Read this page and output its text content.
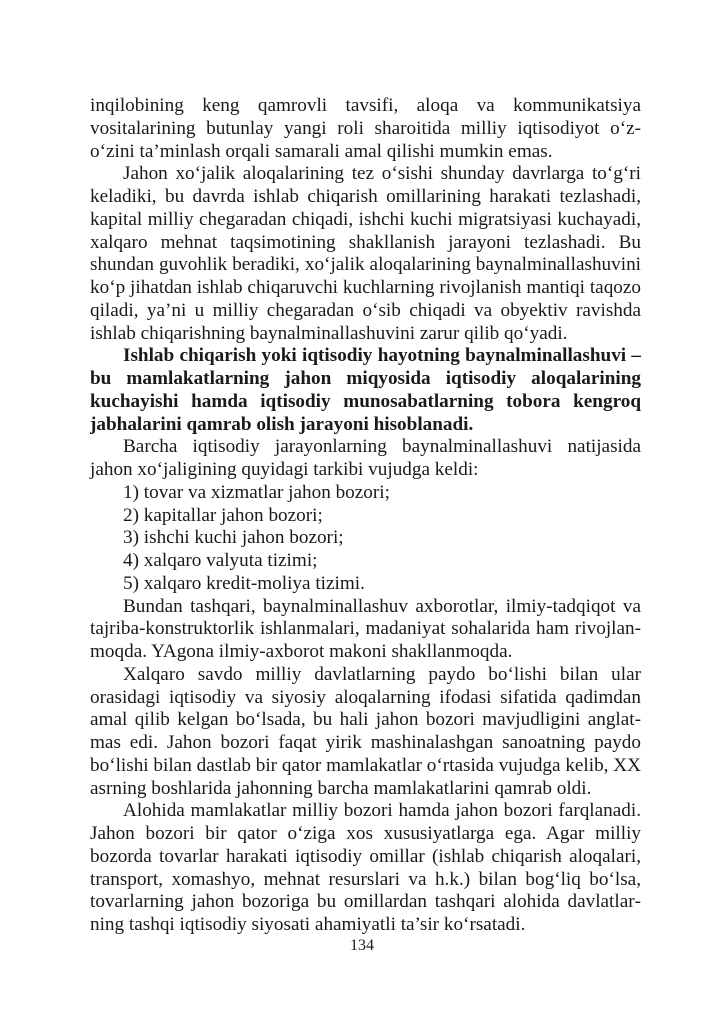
inqilobining keng qamrovli tavsifi, aloqa va kommunikatsiya vositalarining butunlay yangi roli sharoitida milliy iqtisodiyot o‘z-o‘zini ta’minlash orqali samarali amal qilishi mumkin emas.

Jahon xo‘jalik aloqalarining tez o‘sishi shunday davrlarga to‘g‘ri keladiki, bu davrda ishlab chiqarish omillarining harakati tezlashadi, kapital milliy chegaradan chiqadi, ishchi kuchi migratsiyasi kuchayadi, xalqaro mehnat taqsimotining shakllanish jarayoni tezlashadi. Bu shundan guvohlik beradiki, xo‘jalik aloqalarining baynalminallashuvini ko‘p jihatdan ishlab chiqaruvchi kuchlarning rivojlanish mantiqi taqozo qiladi, ya’ni u milliy chegaradan o‘sib chiqadi va obyektiv ravishda ishlab chiqarishning baynalminallashuvini zarur qilib qo‘yadi.

Ishlab chiqarish yoki iqtisodiy hayotning baynalminallashuvi – bu mamlakatlarning jahon miqyosida iqtisodiy aloqalarining kuchayishi hamda iqtisodiy munosabatlarning tobora kengroq jabhalarini qamrab olish jarayoni hisoblanadi.

Barcha iqtisodiy jarayonlarning baynalminallashuvi natijasida jahon xo‘jaligining quyidagi tarkibi vujudga keldi:

1) tovar va xizmatlar jahon bozori;

2) kapitallar jahon bozori;

3) ishchi kuchi jahon bozori;

4) xalqaro valyuta tizimi;

5) xalqaro kredit-moliya tizimi.

Bundan tashqari, baynalminallashuv axborotlar, ilmiy-tadqiqot va tajriba-konstruktorlik ishlanmalari, madaniyat sohalarida ham rivojlanmoqda. YAgona ilmiy-axborot makoni shakllanmoqda.

Xalqaro savdo milliy davlatlarning paydo bo‘lishi bilan ular orasidagi iqtisodiy va siyosiy aloqalarning ifodasi sifatida qadimdan amal qilib kelgan bo‘lsada, bu hali jahon bozori mavjudligini anglatmas edi. Jahon bozori faqat yirik mashinalashgan sanoatning paydo bo‘lishi bilan dastlab bir qator mamlakatlar o‘rtasida vujudga kelib, XX asrning boshlarida jahonning barcha mamlakatlarini qamrab oldi.

Alohida mamlakatlar milliy bozori hamda jahon bozori farqlanadi. Jahon bozori bir qator o‘ziga xos xususiyatlarga ega. Agar milliy bozorda tovarlar harakati iqtisodiy omillar (ishlab chiqarish aloqalari, transport, xomashyo, mehnat resurslari va h.k.) bilan bog‘liq bo‘lsa, tovarlarning jahon bozoriga bu omillardan tashqari alohida davlatlarning tashqi iqtisodiy siyosati ahamiyatli ta’sir ko‘rsatadi.

134
